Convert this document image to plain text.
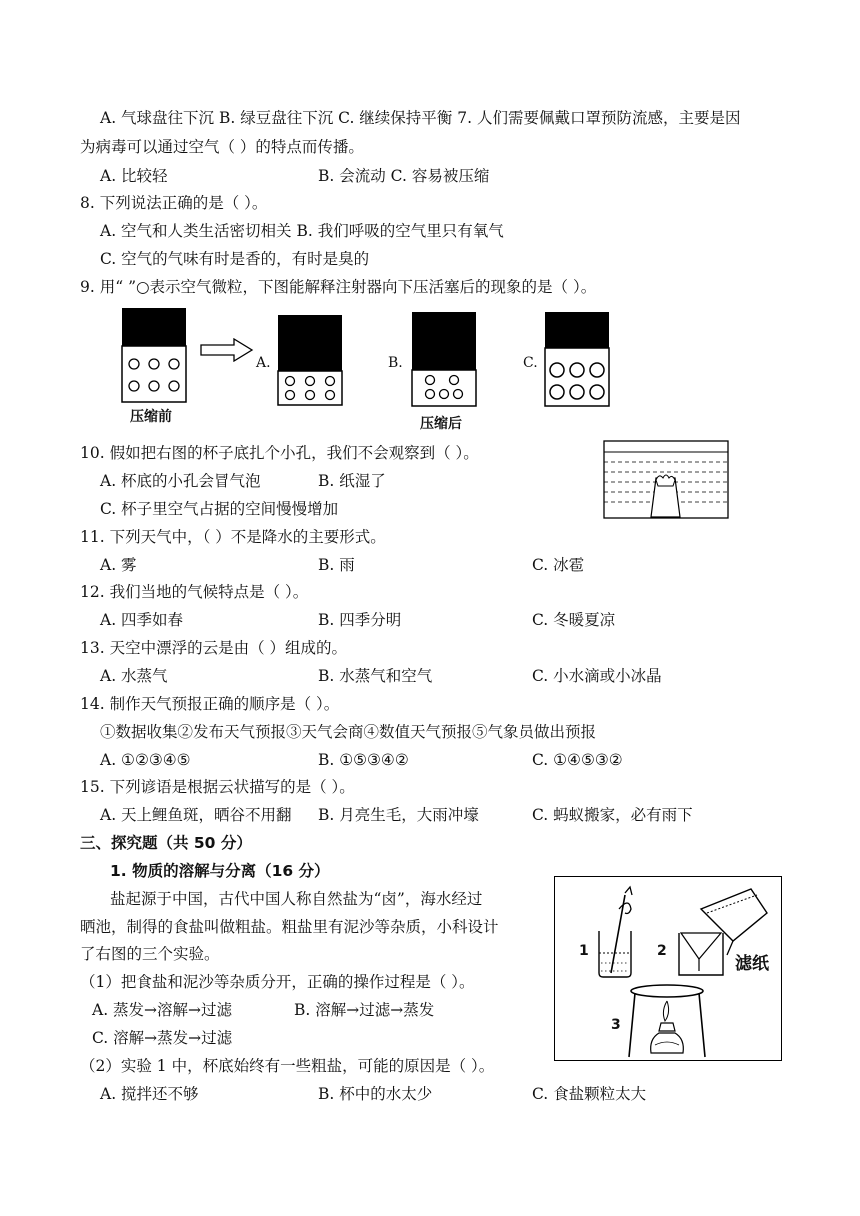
A. 气球盘往下沉 B. 绿豆盘往下沉 C. 继续保持平衡 7. 人们需要佩戴口罩预防流感，主要是因
为病毒可以通过空气（ ）的特点而传播。
A. 比较轻	B. 会流动 C. 容易被压缩
8. 下列说法正确的是（ ）。
A. 空气和人类生活密切相关 B. 我们呼吸的空气里只有氧气
C. 空气的气味有时是香的，有时是臭的
9. 用“ ”○表示空气微粒，下图能解释注射器向下压活塞后的现象的是（ ）。
压缩前
A.	B.
压缩后
C.
10. 假如把右图的杯子底扎个小孔，我们不会观察到（ ）。
A. 杯底的小孔会冒气泡	B. 纸湿了
C. 杯子里空气占据的空间慢慢增加
11. 下列天气中，（ ）不是降水的主要形式。
A. 雾	B. 雨	C. 冰雹
12. 我们当地的气候特点是（ ）。
A. 四季如春	B. 四季分明	C. 冬暖夏凉
13. 天空中漂浮的云是由（ ）组成的。
A. 水蒸气	B. 水蒸气和空气	C. 小水滴或小冰晶
14. 制作天气预报正确的顺序是（ ）。
①数据收集②发布天气预报③天气会商④数值天气预报⑤气象员做出预报
A. ①②③④⑤	B. ①⑤③④②	C. ①④⑤③②
15. 下列谚语是根据云状描写的是（ ）。
A. 天上鲤鱼斑，晒谷不用翻 B. 月亮生毛，大雨冲壕	C. 蚂蚁搬家，必有雨下
三、探究题（共 50 分）
1. 物质的溶解与分离（16 分）
盐起源于中国，古代中国人称自然盐为“卤”，海水经过
晒池，制得的食盐叫做粗盐。粗盐里有泥沙等杂质，小科设计
了右图的三个实验。
（1）把食盐和泥沙等杂质分开，正确的操作过程是（ ）。
A. 蒸发→溶解→过滤	B. 溶解→过滤→蒸发
C. 溶解→蒸发→过滤
（2）实验 1 中，杯底始终有一些粗盐，可能的原因是（ ）。
A. 搅拌还不够	B. 杯中的水太少	C. 食盐颗粒太大
1	2
3
滤纸
